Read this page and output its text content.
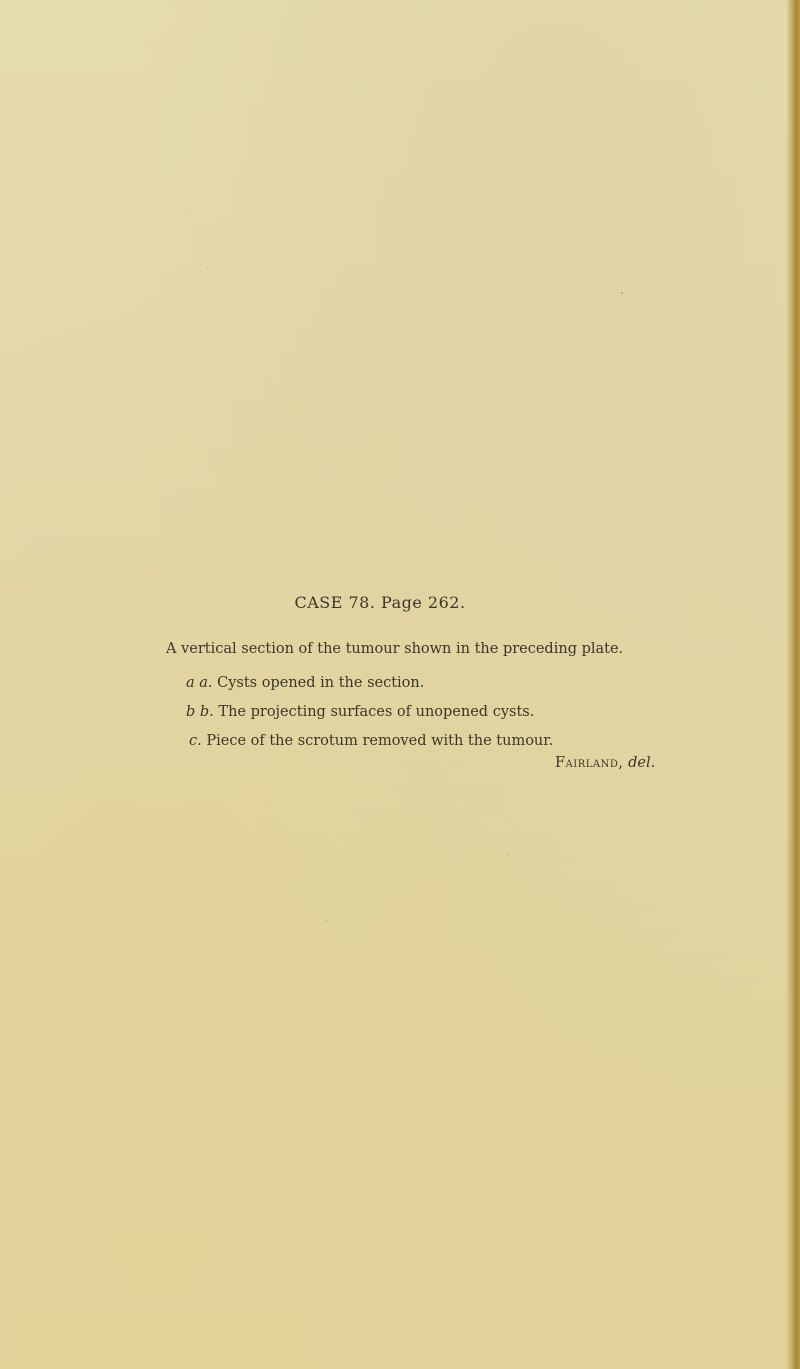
CASE 78. Page 262.
A vertical section of the tumour shown in the preceding plate.
a a. Cysts opened in the section.
b b. The projecting surfaces of unopened cysts.
c. Piece of the scrotum removed with the tumour.
Fairland, del.
